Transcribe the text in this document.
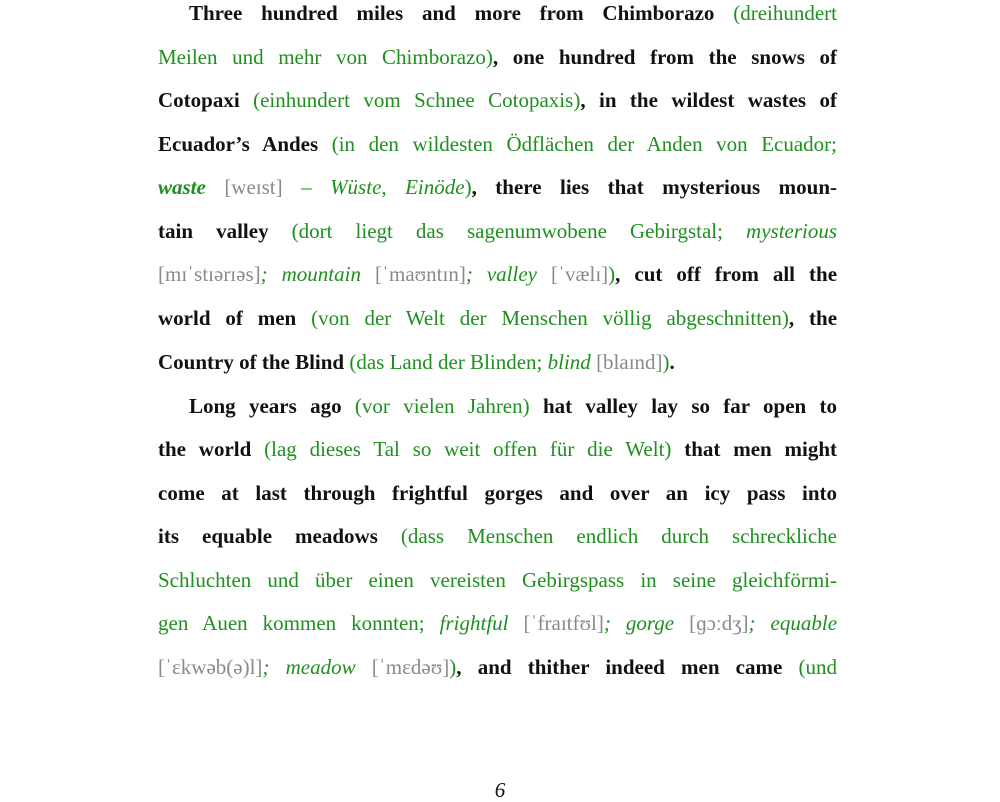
Three hundred miles and more from Chimborazo (dreihundert
Meilen und mehr von Chimborazo), one hundred from the snows of
Cotopaxi (einhundert vom Schnee Cotopaxis), in the wildest wastes of
Ecuador’s Andes (in den wildesten Ödflächen der Anden von Ecuador;
waste [weɪst] – Wüste, Einöde), there lies that mysterious moun-
tain valley (dort liegt das sagenumwobene Gebirgstal; mysterious
[mɪˈstɪərɪəs]; mountain [ˈmaʊntɪn]; valley [ˈvælɪ]), cut off from all the
world of men (von der Welt der Menschen völlig abgeschnitten), the
Country of the Blind (das Land der Blinden; blind [blaɪnd]).
Long years ago (vor vielen Jahren) hat valley lay so far open to
the world (lag dieses Tal so weit offen für die Welt) that men might
come at last through frightful gorges and over an icy pass into
its equable meadows (dass Menschen endlich durch schreckliche
Schluchten und über einen vereisten Gebirgspass in seine gleichförmi-
gen Auen kommen konnten; frightful [ˈfraɪtfʊl]; gorge [ɡɔːdʒ]; equable
[ˈɛkwəb(ə)l]; meadow [ˈmɛdəʊ]), and thither indeed men came (und
6
